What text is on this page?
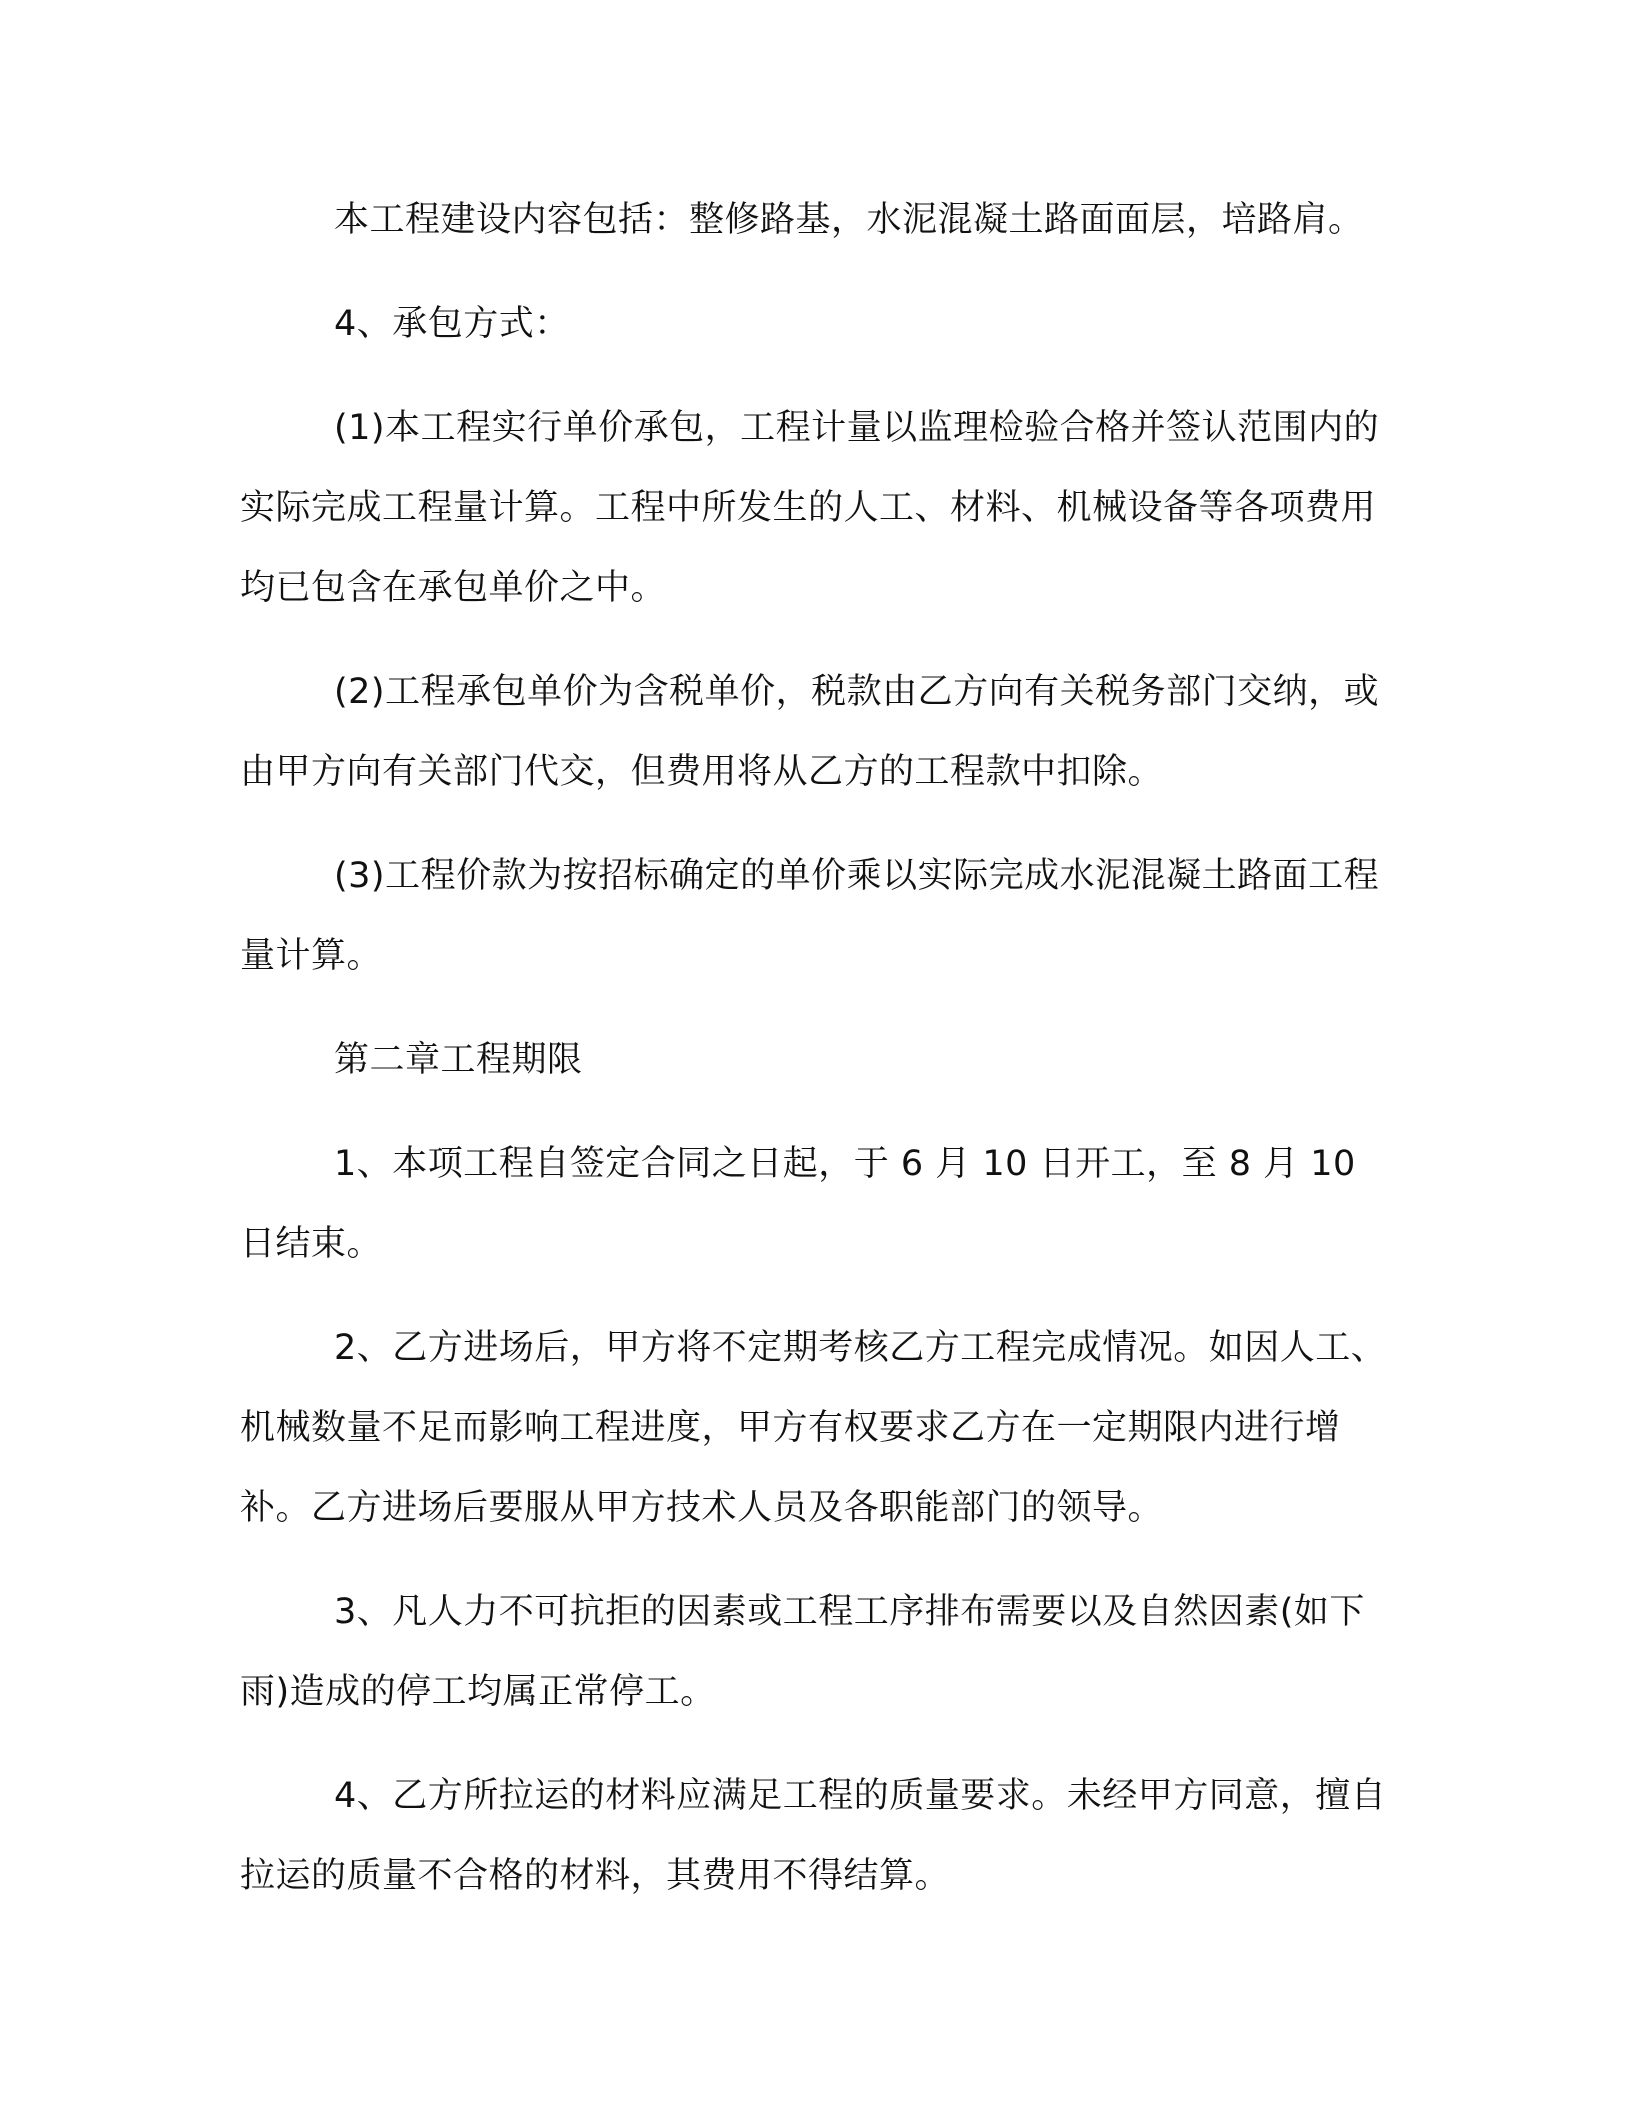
本工程建设内容包括：整修路基，水泥混凝土路面面层，培路肩。

4、承包方式：

(1)本工程实行单价承包，工程计量以监理检验合格并签认范围内的实际完成工程量计算。工程中所发生的人工、材料、机械设备等各项费用均已包含在承包单价之中。

(2)工程承包单价为含税单价，税款由乙方向有关税务部门交纳，或由甲方向有关部门代交，但费用将从乙方的工程款中扣除。

(3)工程价款为按招标确定的单价乘以实际完成水泥混凝土路面工程量计算。

第二章工程期限

1、本项工程自签定合同之日起，于 6 月 10 日开工，至 8 月 10 日结束。

2、乙方进场后，甲方将不定期考核乙方工程完成情况。如因人工、机械数量不足而影响工程进度，甲方有权要求乙方在一定期限内进行增补。乙方进场后要服从甲方技术人员及各职能部门的领导。

3、凡人力不可抗拒的因素或工程工序排布需要以及自然因素(如下雨)造成的停工均属正常停工。

4、乙方所拉运的材料应满足工程的质量要求。未经甲方同意，擅自拉运的质量不合格的材料，其费用不得结算。
